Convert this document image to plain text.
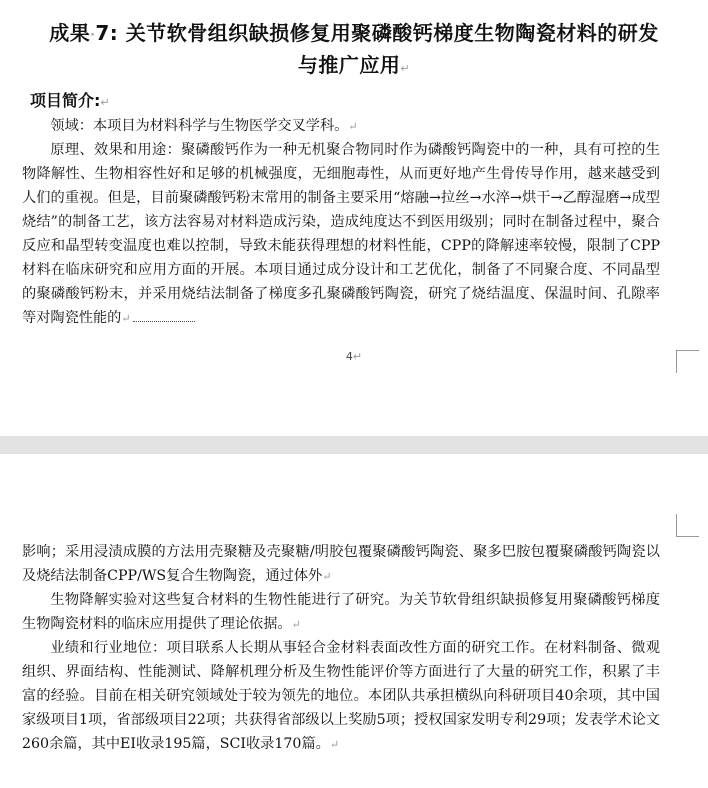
成果·7: 关节软骨组织缺损修复用聚磷酸钙梯度生物陶瓷材料的研发
与推广应用↵
项目简介:↵

领域：本项目为材料科学与生物医学交叉学科。↵

原理、效果和用途：聚磷酸钙作为一种无机聚合物同时作为磷酸钙陶瓷中的一种，具有可控的生物降解性、生物相容性好和足够的机械强度，无细胞毒性，从而更好地产生骨传导作用，越来越受到人们的重视。但是，目前聚磷酸钙粉末常用的制备主要采用“熔融→拉丝→水淬→烘干→乙醇湿磨→成型烧结”的制备工艺，该方法容易对材料造成污染，造成纯度达不到医用级别；同时在制备过程中，聚合反应和晶型转变温度也难以控制，导致未能获得理想的材料性能，CPP的降解速率较慢，限制了CPP材料在临床研究和应用方面的开展。本项目通过成分设计和工艺优化，制备了不同聚合度、不同晶型的聚磷酸钙粉末，并采用烧结法制备了梯度多孔聚磷酸钙陶瓷，研究了烧结温度、保温时间、孔隙率等对陶瓷性能的↵

4↵

影响；采用浸渍成膜的方法用壳聚糖及壳聚糖/明胶包覆聚磷酸钙陶瓷、聚多巴胺包覆聚磷酸钙陶瓷以及烧结法制备CPP/WS复合生物陶瓷，通过体外↵

生物降解实验对这些复合材料的生物性能进行了研究。为关节软骨组织缺损修复用聚磷酸钙梯度生物陶瓷材料的临床应用提供了理论依据。↵

业绩和行业地位：项目联系人长期从事轻合金材料表面改性方面的研究工作。在材料制备、微观组织、界面结构、性能测试、降解机理分析及生物性能评价等方面进行了大量的研究工作，积累了丰富的经验。目前在相关研究领域处于较为领先的地位。本团队共承担横纵向科研项目40余项，其中国家级项目1项，省部级项目22项；共获得省部级以上奖励5项；授权国家发明专利29项；发表学术论文260余篇，其中EI收录195篇，SCI收录170篇。↵
